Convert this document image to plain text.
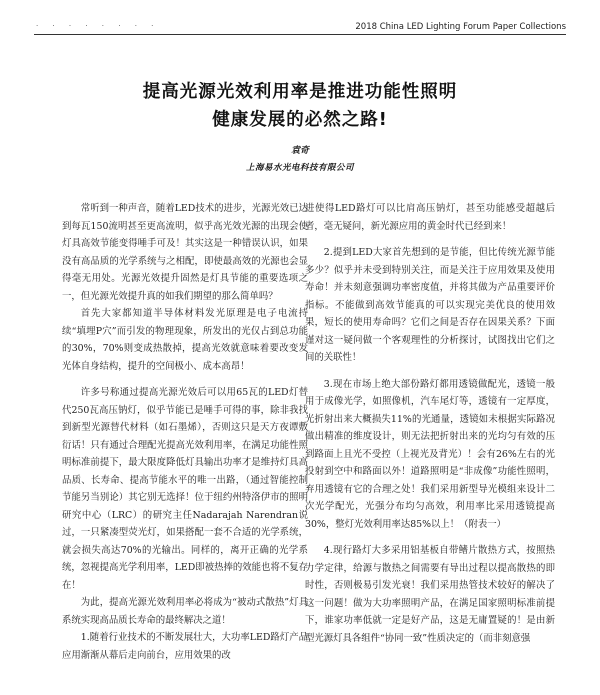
. . . . . . . .	2018 China LED Lighting Forum Paper Collections
提高光源光效利用率是推进功能性照明
健康发展的必然之路!
袁奇
上海易水光电科技有限公司

常听到一种声音，随着LED技术的进步，光源光效已达到每瓦150流明甚至更高流明，似乎高光效光源的出现会使灯具高效节能变得唾手可及！其实这是一种错误认识，如果没有高品质的光学系统与之相配，即使最高效的光源也会显得毫无用处。光源光效提升固然是灯具节能的重要选项之一，但光源光效提升真的如我们期望的那么简单吗？

首先大家都知道半导体材料发光原理是电子电流持续“填埋P穴”而引发的物理现象，所发出的光仅占到总功能的30%，70%则变成热散掉，提高光效就意味着要改变发光体自身结构，提升的空间极小、成本高昂！

许多号称通过提高光源光效后可以用65瓦的LED灯替代250瓦高压钠灯，似乎节能已是唾手可得的事，除非我找到新型光源替代材料（如石墨烯），否则这只是天方夜谭敷衍话！只有通过合理配光提高光效利用率，在满足功能性照明标准前提下，最大限度降低灯具输出功率才是维持灯具高品质、长寿命、提高节能水平的唯一出路，（通过智能控制节能另当别论）其它别无选择！位于纽约州特洛伊市的照明研究中心（LRC）的研究主任Nadarajah Narendran说过，一只紧凑型荧光灯，如果搭配一套不合适的光学系统，就会损失高达70%的光输出。同样的，离开正确的光学系统，忽视提高光学利用率，LED即被热捧的效能也将不复存在！

为此，提高光源光效利用率必将成为“被动式散热”灯具系统实现高品质长寿命的最终解决之道！

1.随着行业技术的不断发展壮大，大功率LED路灯产品应用渐渐从幕后走向前台，应用效果的改

进使得LED路灯可以比肩高压钠灯，甚至功能感受超越后者，毫无疑问，新光源应用的黄金时代已经到来！

2.提到LED大家首先想到的是节能，但比传统光源节能多少？似乎并未受到特别关注，而是关注于应用效果及使用寿命！并未刻意强调功率密度值，并将其做为产品重要评价指标。不能做到高效节能真的可以实现完美优良的使用效果，短长的使用寿命吗？它们之间是否存在因果关系？下面谨对这一疑问做一个客观理性的分析探讨，试图找出它们之间的关联性！

3.现在市场上绝大部份路灯都用透镜做配光，透镜一般用于成像光学，如照像机，汽车尾灯等，透镜有一定厚度，光折射出来大概损失11%的光通量，透镜如未根据实际路况做出精准的维度设计，则无法把折射出来的光均匀有效的压到路面上且光不受控（上视光及背光）！会有26%左右的光投射到空中和路面以外！道路照明是“非成像”功能性照明，弃用透镜有它的合理之处！我们采用新型导光模组来设计二次光学配光，光强分布均匀高效，利用率比采用透镜提高30%，整灯光效利用率达85%以上！（附表一）

4.现行路灯大多采用铝基板自带鳍片散热方式，按照热力学定律，给源与散热之间需要有导出过程以提高散热的即时性，否则极易引发光衰！我们采用热管技术较好的解决了这一问题！做为大功率照明产品，在满足国家照明标准前提下，谁家功率低就一定是好产品，这是无庸置疑的！是由新型光源灯具各组件“协同一致”性质决定的（而非刻意强
